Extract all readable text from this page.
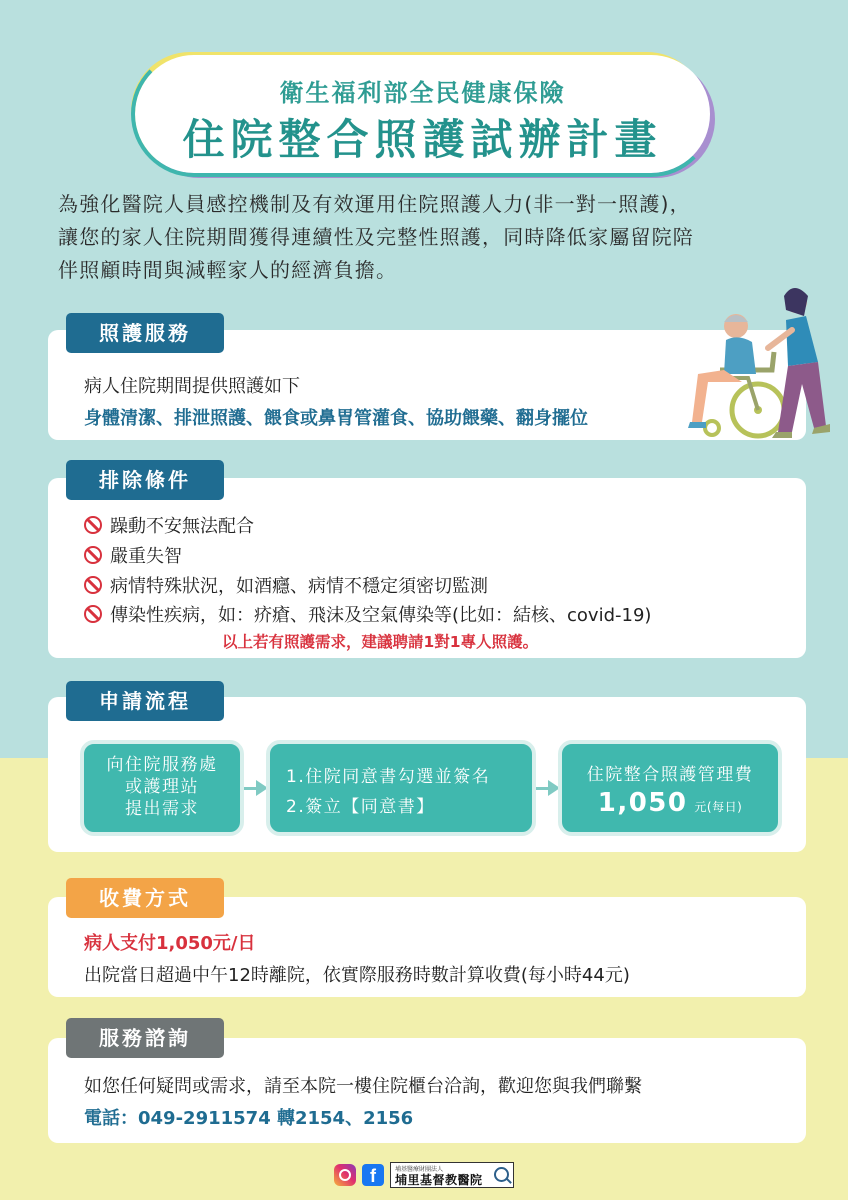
衛生福利部全民健康保險
住院整合照護試辦計畫
為強化醫院人員感控機制及有效運用住院照護人力(非一對一照護)，
讓您的家人住院期間獲得連續性及完整性照護，同時降低家屬留院陪
伴照顧時間與減輕家人的經濟負擔。
照護服務
病人住院期間提供照護如下
身體清潔、排泄照護、餵食或鼻胃管灌食、協助餵藥、翻身擺位
排除條件
躁動不安無法配合
嚴重失智
病情特殊狀況，如酒癮、病情不穩定須密切監測
傳染性疾病，如：疥瘡、飛沫及空氣傳染等(比如：結核、covid-19)
以上若有照護需求，建議聘請1對1專人照護。
申請流程
向住院服務處
或護理站
提出需求
1.住院同意書勾選並簽名
2.簽立【同意書】
住院整合照護管理費
1,050 元(每日)
收費方式
病人支付1,050元/日
出院當日超過中午12時離院，依實際服務時數計算收費(每小時44元)
服務諮詢
如您任何疑問或需求，請至本院一樓住院櫃台洽詢，歡迎您與我們聯繫
電話：049-2911574 轉2154、2156
f	埔基醫療財團法人
埔里基督教醫院
